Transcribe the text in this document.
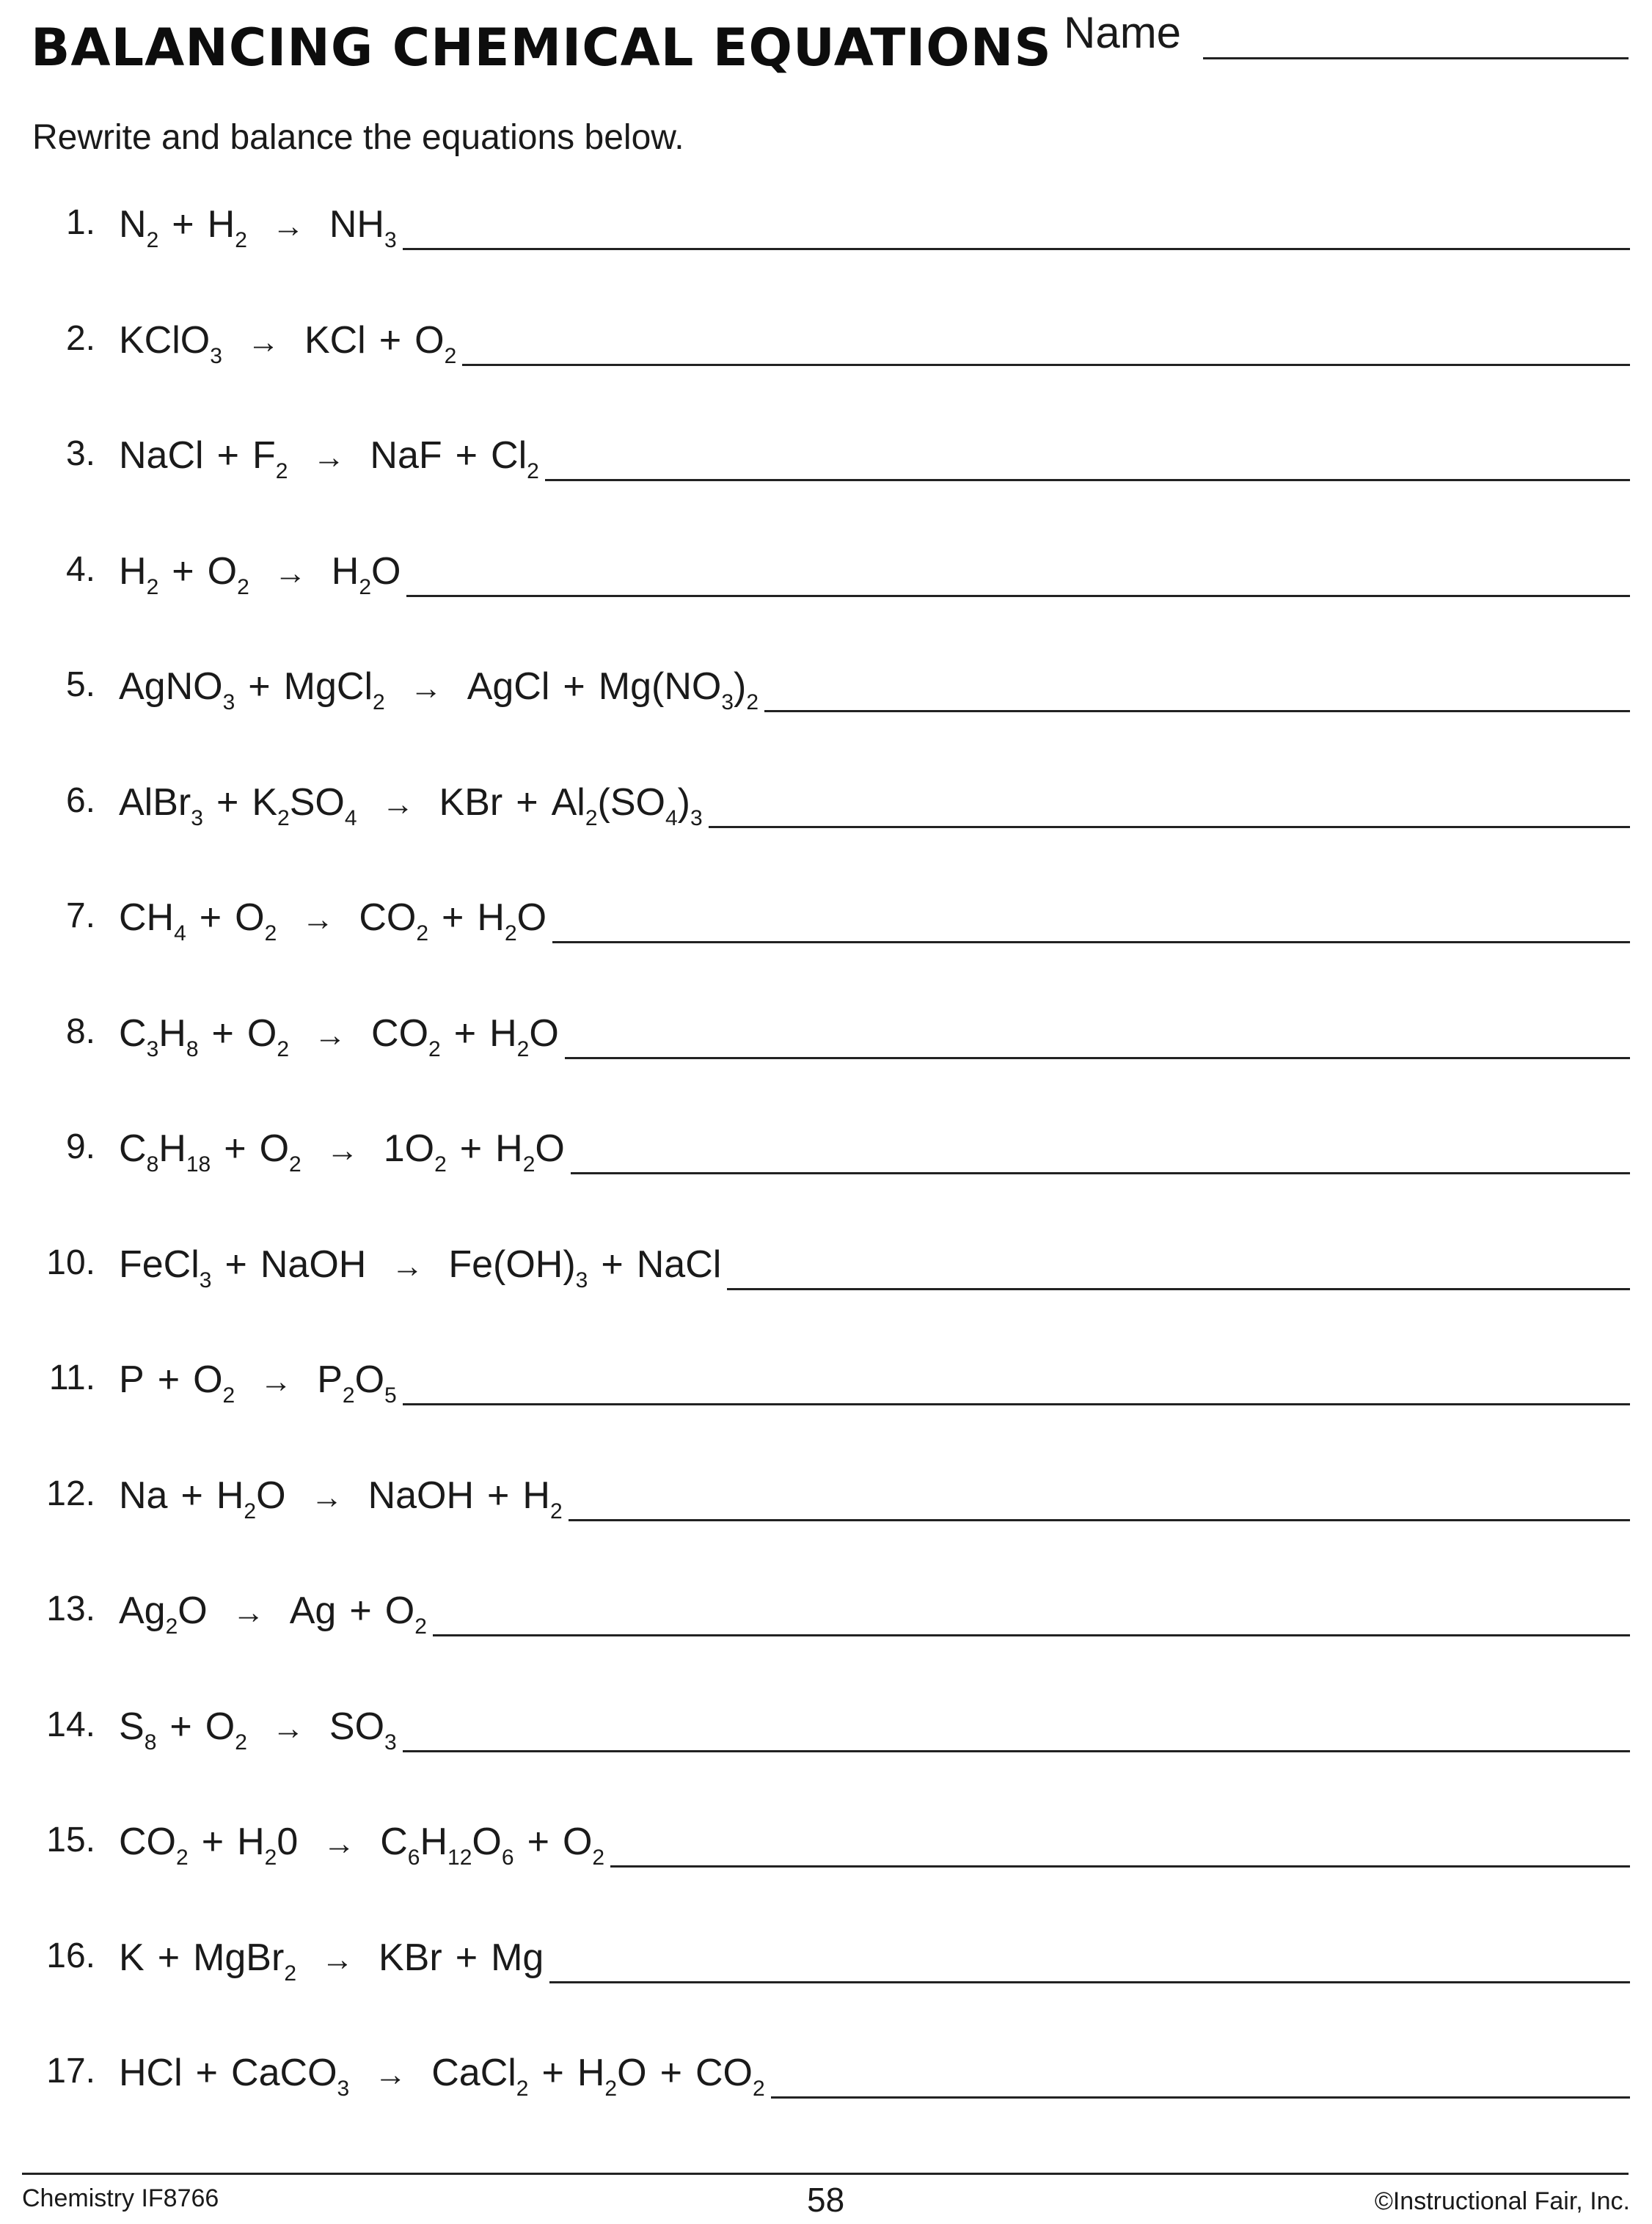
BALANCING CHEMICAL EQUATIONS Name
Rewrite and balance the equations below.
1. $N_2 + H_2 \to NH_3$
2. KClO$_3$ → KCl + $O_2$
3. NaCl + $F_2$ → NaF + $Cl_2$
4. $H_2 + O_2 \to H_2O$
5. AgNO$_3$ + MgCl$_2$ → AgCl + $Mg(NO_3)_2$
6. AlBr$_3$ + $K_2SO_4$ → KBr + $Al_2(SO_4)_3$
7. $CH_4 + O_2 \to CO_2 + H_2O$
8. $C_3H_8 + O_2 \to CO_2 + H_2O$
9. $C_8H_{18} + O_2 \to 1O_2 + H_2O$
10. FeCl$_3$ + NaOH → $Fe(OH)_3$ + NaCl
11. $P + O_2 \to P_2O_5$
12. $Na + H_2O$ → NaOH + $H_2$
13. $Ag_2O \to Ag + O_2$
14. $S_8 + O_2 \to SO_3$
15. $CO_2 + H_20 \to C_6H_{12}O_6 + O_2$
16. K + MgBr$_2$ → KBr + Mg
17. HCl + CaCO$_3$ → CaCl$_2$ + $H_2O + CO_2$
Chemistry IF8766	58	©Instructional Fair, Inc.
